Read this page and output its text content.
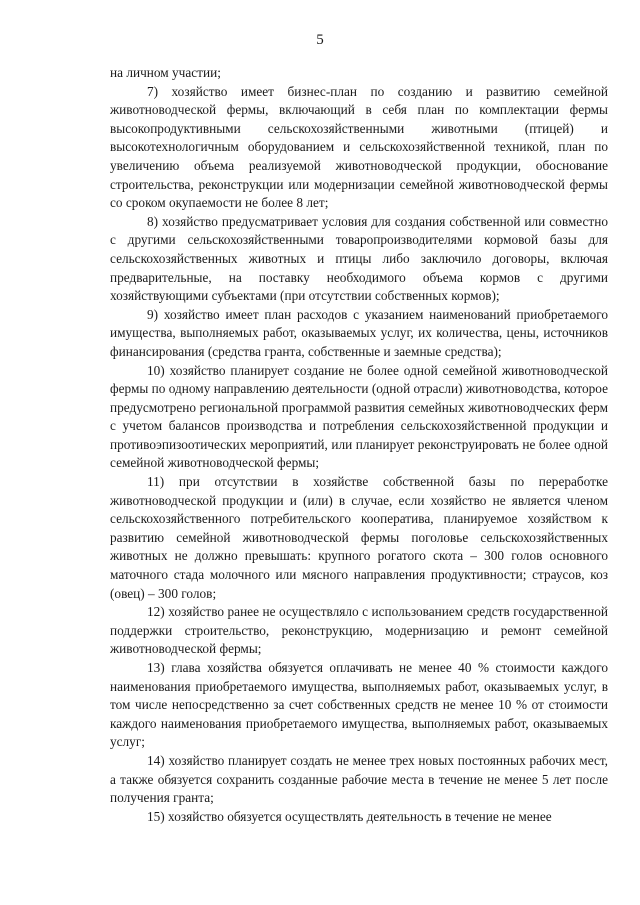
5

на личном участии;

7) хозяйство имеет бизнес-план по созданию и развитию семейной животноводческой фермы, включающий в себя план по комплектации фермы высокопродуктивными сельскохозяйственными животными (птицей) и высокотехнологичным оборудованием и сельскохозяйственной техникой, план по увеличению объема реализуемой животноводческой продукции, обоснование строительства, реконструкции или модернизации семейной животноводческой фермы со сроком окупаемости не более 8 лет;

8) хозяйство предусматривает условия для создания собственной или совместно с другими сельскохозяйственными товаропроизводителями кормовой базы для сельскохозяйственных животных и птицы либо заключило договоры, включая предварительные, на поставку необходимого объема кормов с другими хозяйствующими субъектами (при отсутствии собственных кормов);

9) хозяйство имеет план расходов с указанием наименований приобретаемого имущества, выполняемых работ, оказываемых услуг, их количества, цены, источников финансирования (средства гранта, собственные и заемные средства);

10) хозяйство планирует создание не более одной семейной животноводческой фермы по одному направлению деятельности (одной отрасли) животноводства, которое предусмотрено региональной программой развития семейных животноводческих ферм с учетом балансов производства и потребления сельскохозяйственной продукции и противоэпизоотических мероприятий, или планирует реконструировать не более одной семейной животноводческой фермы;

11) при отсутствии в хозяйстве собственной базы по переработке животноводческой продукции и (или) в случае, если хозяйство не является членом сельскохозяйственного потребительского кооператива, планируемое хозяйством к развитию семейной животноводческой фермы поголовье сельскохозяйственных животных не должно превышать: крупного рогатого скота – 300 голов основного маточного стада молочного или мясного направления продуктивности; страусов, коз (овец) – 300 голов;

12) хозяйство ранее не осуществляло с использованием средств государственной поддержки строительство, реконструкцию, модернизацию и ремонт семейной животноводческой фермы;

13) глава хозяйства обязуется оплачивать не менее 40 % стоимости каждого наименования приобретаемого имущества, выполняемых работ, оказываемых услуг, в том числе непосредственно за счет собственных средств не менее 10 % от стоимости каждого наименования приобретаемого имущества, выполняемых работ, оказываемых услуг;

14) хозяйство планирует создать не менее трех новых постоянных рабочих мест, а также обязуется сохранить созданные рабочие места в течение не менее 5 лет после получения гранта;

15) хозяйство обязуется осуществлять деятельность в течение не менее
